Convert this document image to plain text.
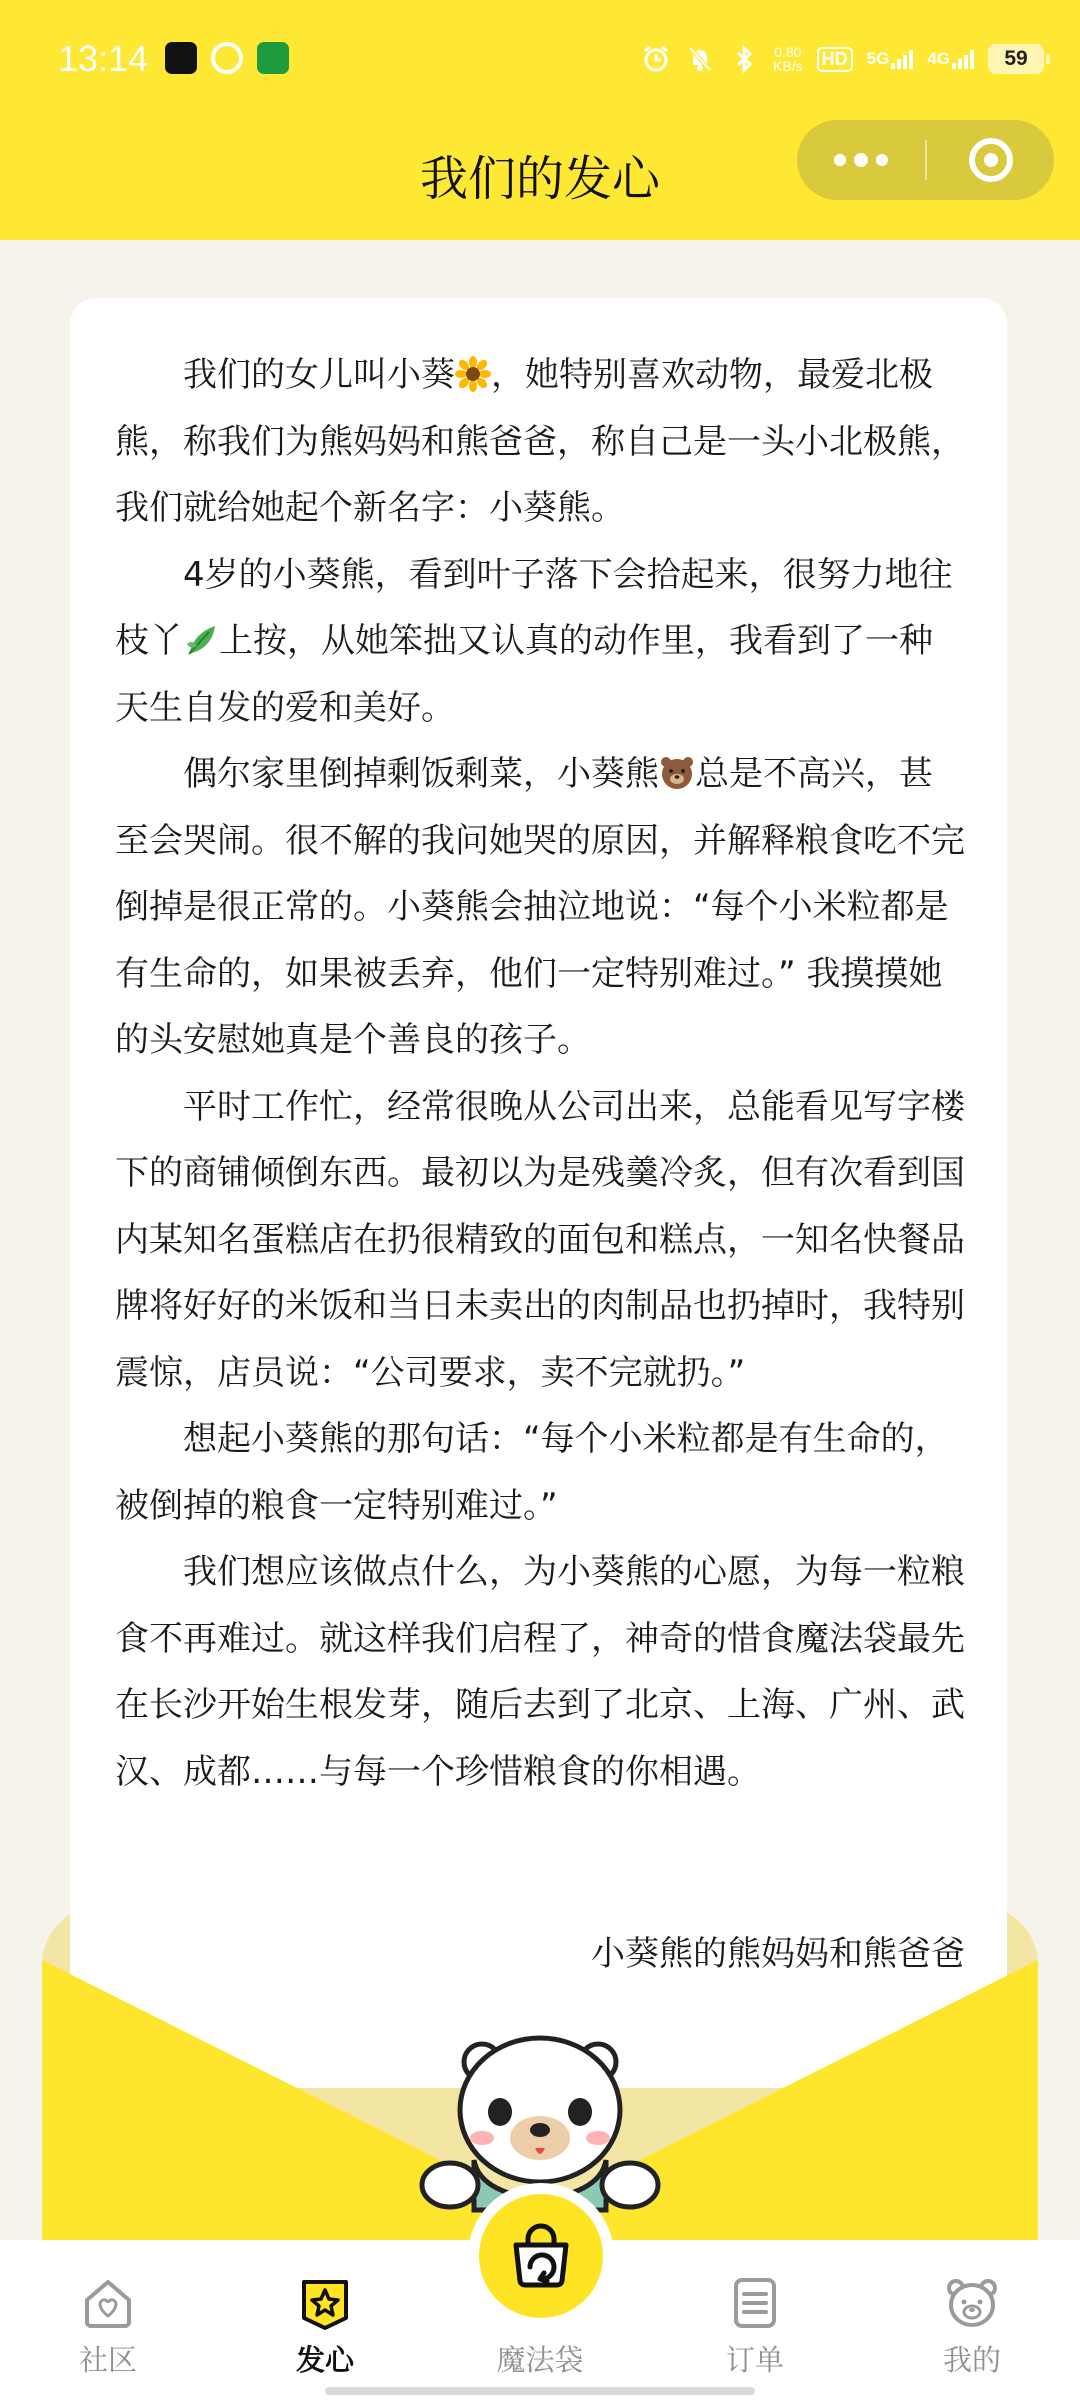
13:14	0.80
KB/s HD 5G 4G	59
我们的发心

我们的女儿叫小葵 ，她特别喜欢动物，最爱北极熊，称我们为熊妈妈和熊爸爸，称自己是一头小北极熊，我们就给她起个新名字：小葵熊。

4岁的小葵熊，看到叶子落下会拾起来，很努力地往枝丫 上按，从她笨拙又认真的动作里，我看到了一种天生自发的爱和美好。

偶尔家里倒掉剩饭剩菜，小葵熊 总是不高兴，甚至会哭闹。很不解的我问她哭的原因，并解释粮食吃不完倒掉是很正常的。小葵熊会抽泣地说：“每个小米粒都是有生命的，如果被丢弃，他们一定特别难过。” 我摸摸她的头安慰她真是个善良的孩子。

平时工作忙，经常很晚从公司出来，总能看见写字楼下的商铺倾倒东西。最初以为是残羹冷炙，但有次看到国内某知名蛋糕店在扔很精致的面包和糕点，一知名快餐品牌将好好的米饭和当日未卖出的肉制品也扔掉时，我特别震惊，店员说：“公司要求，卖不完就扔。”

想起小葵熊的那句话：“每个小米粒都是有生命的，被倒掉的粮食一定特别难过。”

我们想应该做点什么，为小葵熊的心愿，为每一粒粮食不再难过。就这样我们启程了，神奇的惜食魔法袋最先在长沙开始生根发芽，随后去到了北京、上海、广州、武汉、成都……与每一个珍惜粮食的你相遇。

小葵熊的熊妈妈和熊爸爸
社区	发心	魔法袋	订单	我的
